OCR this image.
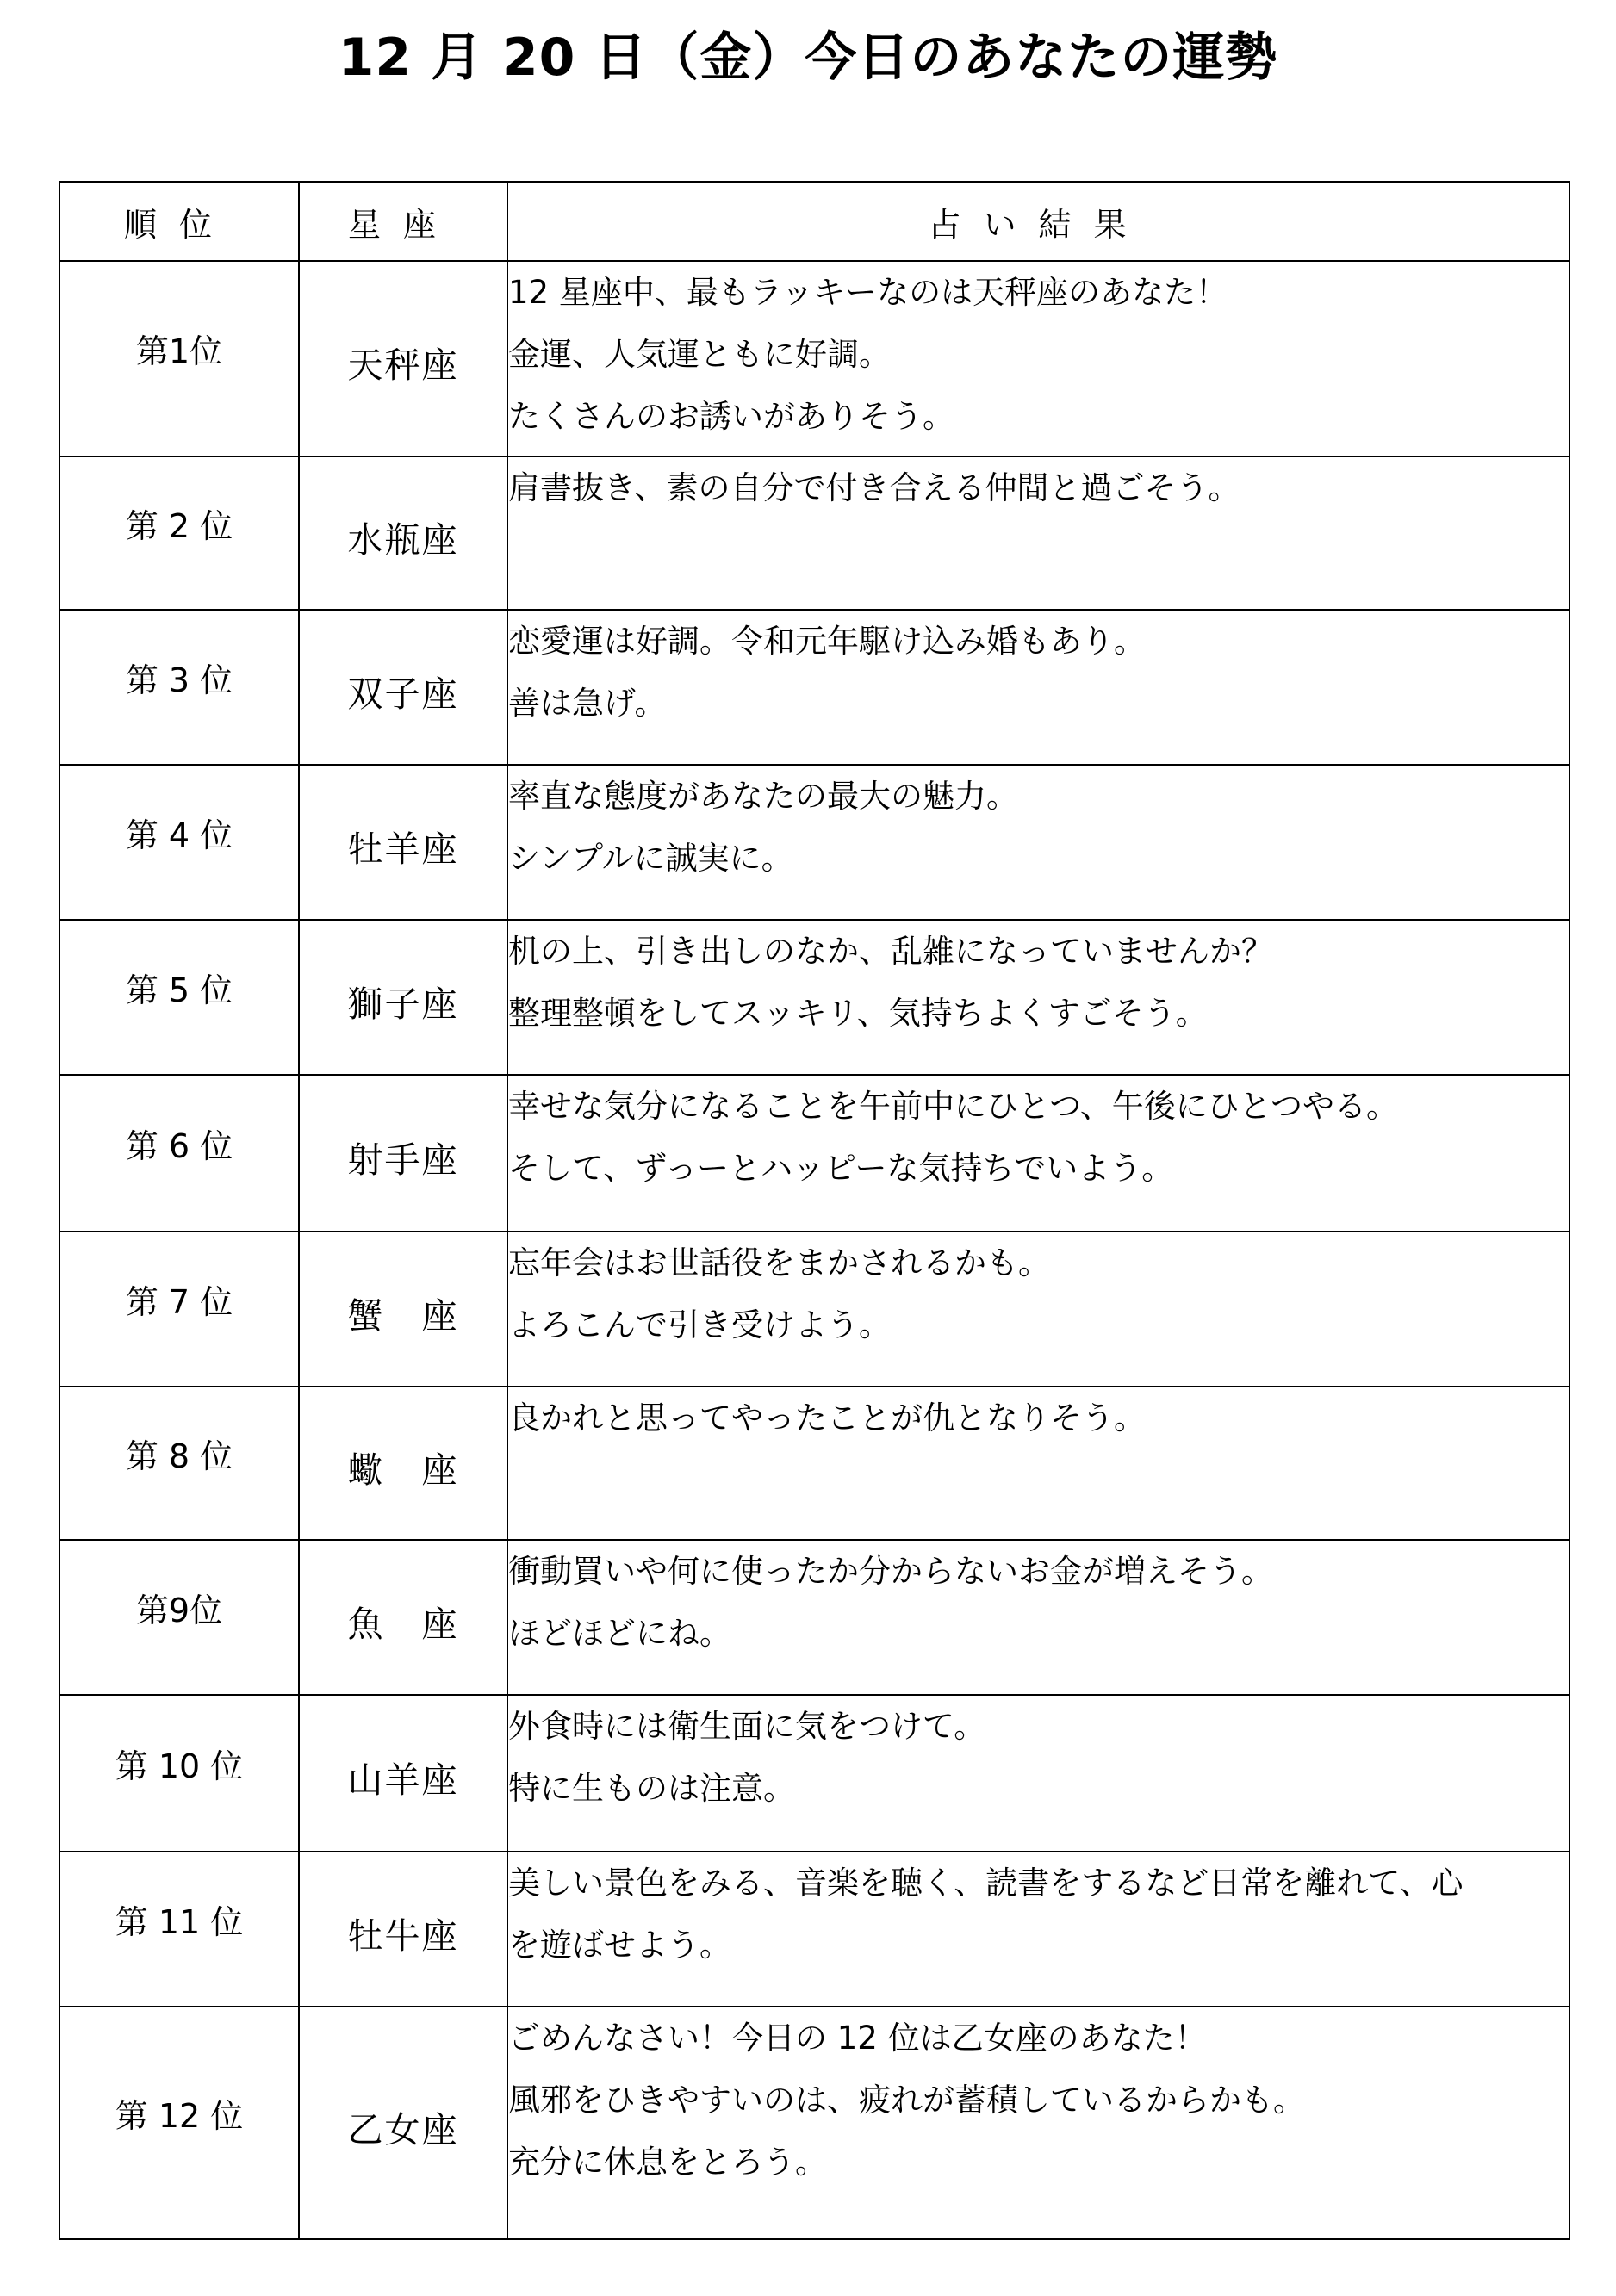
12 月 20 日（金）今日のあなたの運勢
順位	星座	占い結果
第1位	天秤座	12 星座中、最もラッキーなのは天秤座のあなた！
金運、人気運ともに好調。
たくさんのお誘いがありそう。

第 2 位	水瓶座	肩書抜き、素の自分で付き合える仲間と過ごそう。

第 3 位	双子座	恋愛運は好調。令和元年駆け込み婚もあり。
善は急げ。

第 4 位	牡羊座	率直な態度があなたの最大の魅力。
シンプルに誠実に。

第 5 位	獅子座	机の上、引き出しのなか、乱雑になっていませんか？
整理整頓をしてスッキリ、気持ちよくすごそう。

第 6 位	射手座	幸せな気分になることを午前中にひとつ、午後にひとつやる。
そして、ずっーとハッピーな気持ちでいよう。

第 7 位	蟹　座	忘年会はお世話役をまかされるかも。
よろこんで引き受けよう。

第 8 位	蠍　座	良かれと思ってやったことが仇となりそう。

第9位	魚　座	衝動買いや何に使ったか分からないお金が増えそう。
ほどほどにね。

第 10 位	山羊座	外食時には衛生面に気をつけて。
特に生ものは注意。

第 11 位	牡牛座	美しい景色をみる、音楽を聴く、読書をするなど日常を離れて、心
を遊ばせよう。

第 12 位	乙女座	ごめんなさい！今日の 12 位は乙女座のあなた！
風邪をひきやすいのは、疲れが蓄積しているからかも。
充分に休息をとろう。
